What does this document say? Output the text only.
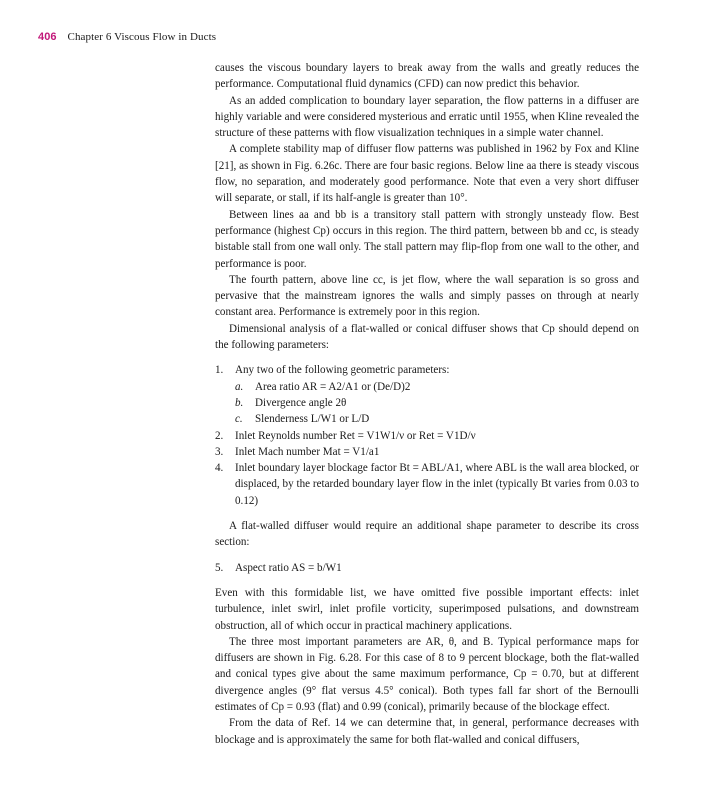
406 Chapter 6 Viscous Flow in Ducts

causes the viscous boundary layers to break away from the walls and greatly reduces the performance. Computational fluid dynamics (CFD) can now predict this behavior.

As an added complication to boundary layer separation, the flow patterns in a diffuser are highly variable and were considered mysterious and erratic until 1955, when Kline revealed the structure of these patterns with flow visualization techniques in a simple water channel.

A complete stability map of diffuser flow patterns was published in 1962 by Fox and Kline [21], as shown in Fig. 6.26c. There are four basic regions. Below line aa there is steady viscous flow, no separation, and moderately good performance. Note that even a very short diffuser will separate, or stall, if its half-angle is greater than 10°.

Between lines aa and bb is a transitory stall pattern with strongly unsteady flow. Best performance (highest Cp) occurs in this region. The third pattern, between bb and cc, is steady bistable stall from one wall only. The stall pattern may flip-flop from one wall to the other, and performance is poor.

The fourth pattern, above line cc, is jet flow, where the wall separation is so gross and pervasive that the mainstream ignores the walls and simply passes on through at nearly constant area. Performance is extremely poor in this region.

Dimensional analysis of a flat-walled or conical diffuser shows that Cp should depend on the following parameters:

1. Any two of the following geometric parameters:
a. Area ratio AR = A2/A1 or (De/D)2
b. Divergence angle 2θ
c. Slenderness L/W1 or L/D
2. Inlet Reynolds number Ret = V1W1/ν or Ret = V1D/ν
3. Inlet Mach number Mat = V1/a1
4. Inlet boundary layer blockage factor Bt = ABL/A1, where ABL is the wall area blocked, or displaced, by the retarded boundary layer flow in the inlet (typically Bt varies from 0.03 to 0.12)

A flat-walled diffuser would require an additional shape parameter to describe its cross section:

5. Aspect ratio AS = b/W1

Even with this formidable list, we have omitted five possible important effects: inlet turbulence, inlet swirl, inlet profile vorticity, superimposed pulsations, and downstream obstruction, all of which occur in practical machinery applications.

The three most important parameters are AR, θ, and B. Typical performance maps for diffusers are shown in Fig. 6.28. For this case of 8 to 9 percent blockage, both the flat-walled and conical types give about the same maximum performance, Cp = 0.70, but at different divergence angles (9° flat versus 4.5° conical). Both types fall far short of the Bernoulli estimates of Cp = 0.93 (flat) and 0.99 (conical), primarily because of the blockage effect.

From the data of Ref. 14 we can determine that, in general, performance decreases with blockage and is approximately the same for both flat-walled and conical diffusers,
